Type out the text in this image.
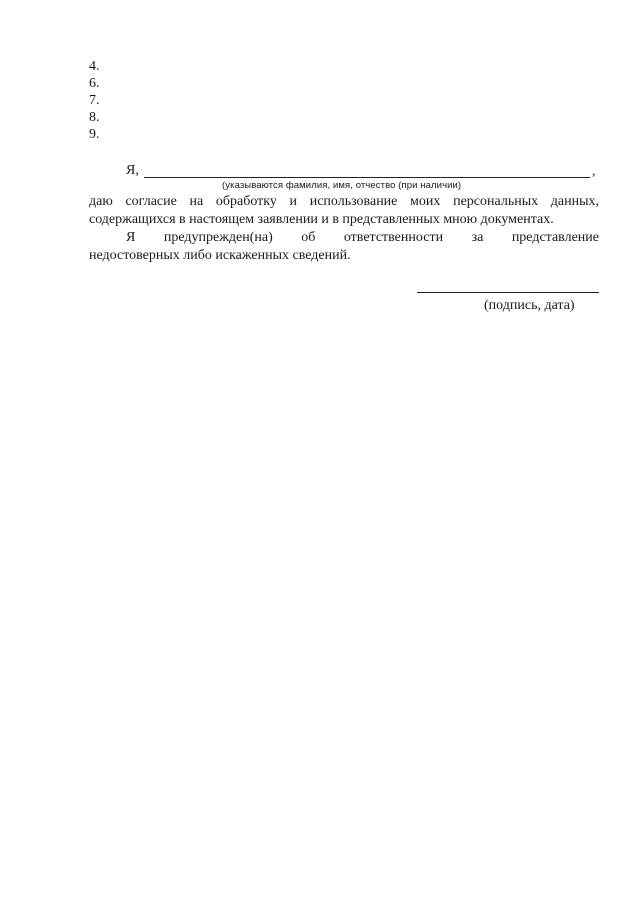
4.
6.
7.
8.
9.
Я,	,
(указываются фамилия, имя, отчество (при наличии)
даю согласие на обработку и использование моих персональных данных,
содержащихся в настоящем заявлении и в представленных мною документах.
Я предупрежден(на) об ответственности за представление
недостоверных либо искаженных сведений.
(подпись, дата)
